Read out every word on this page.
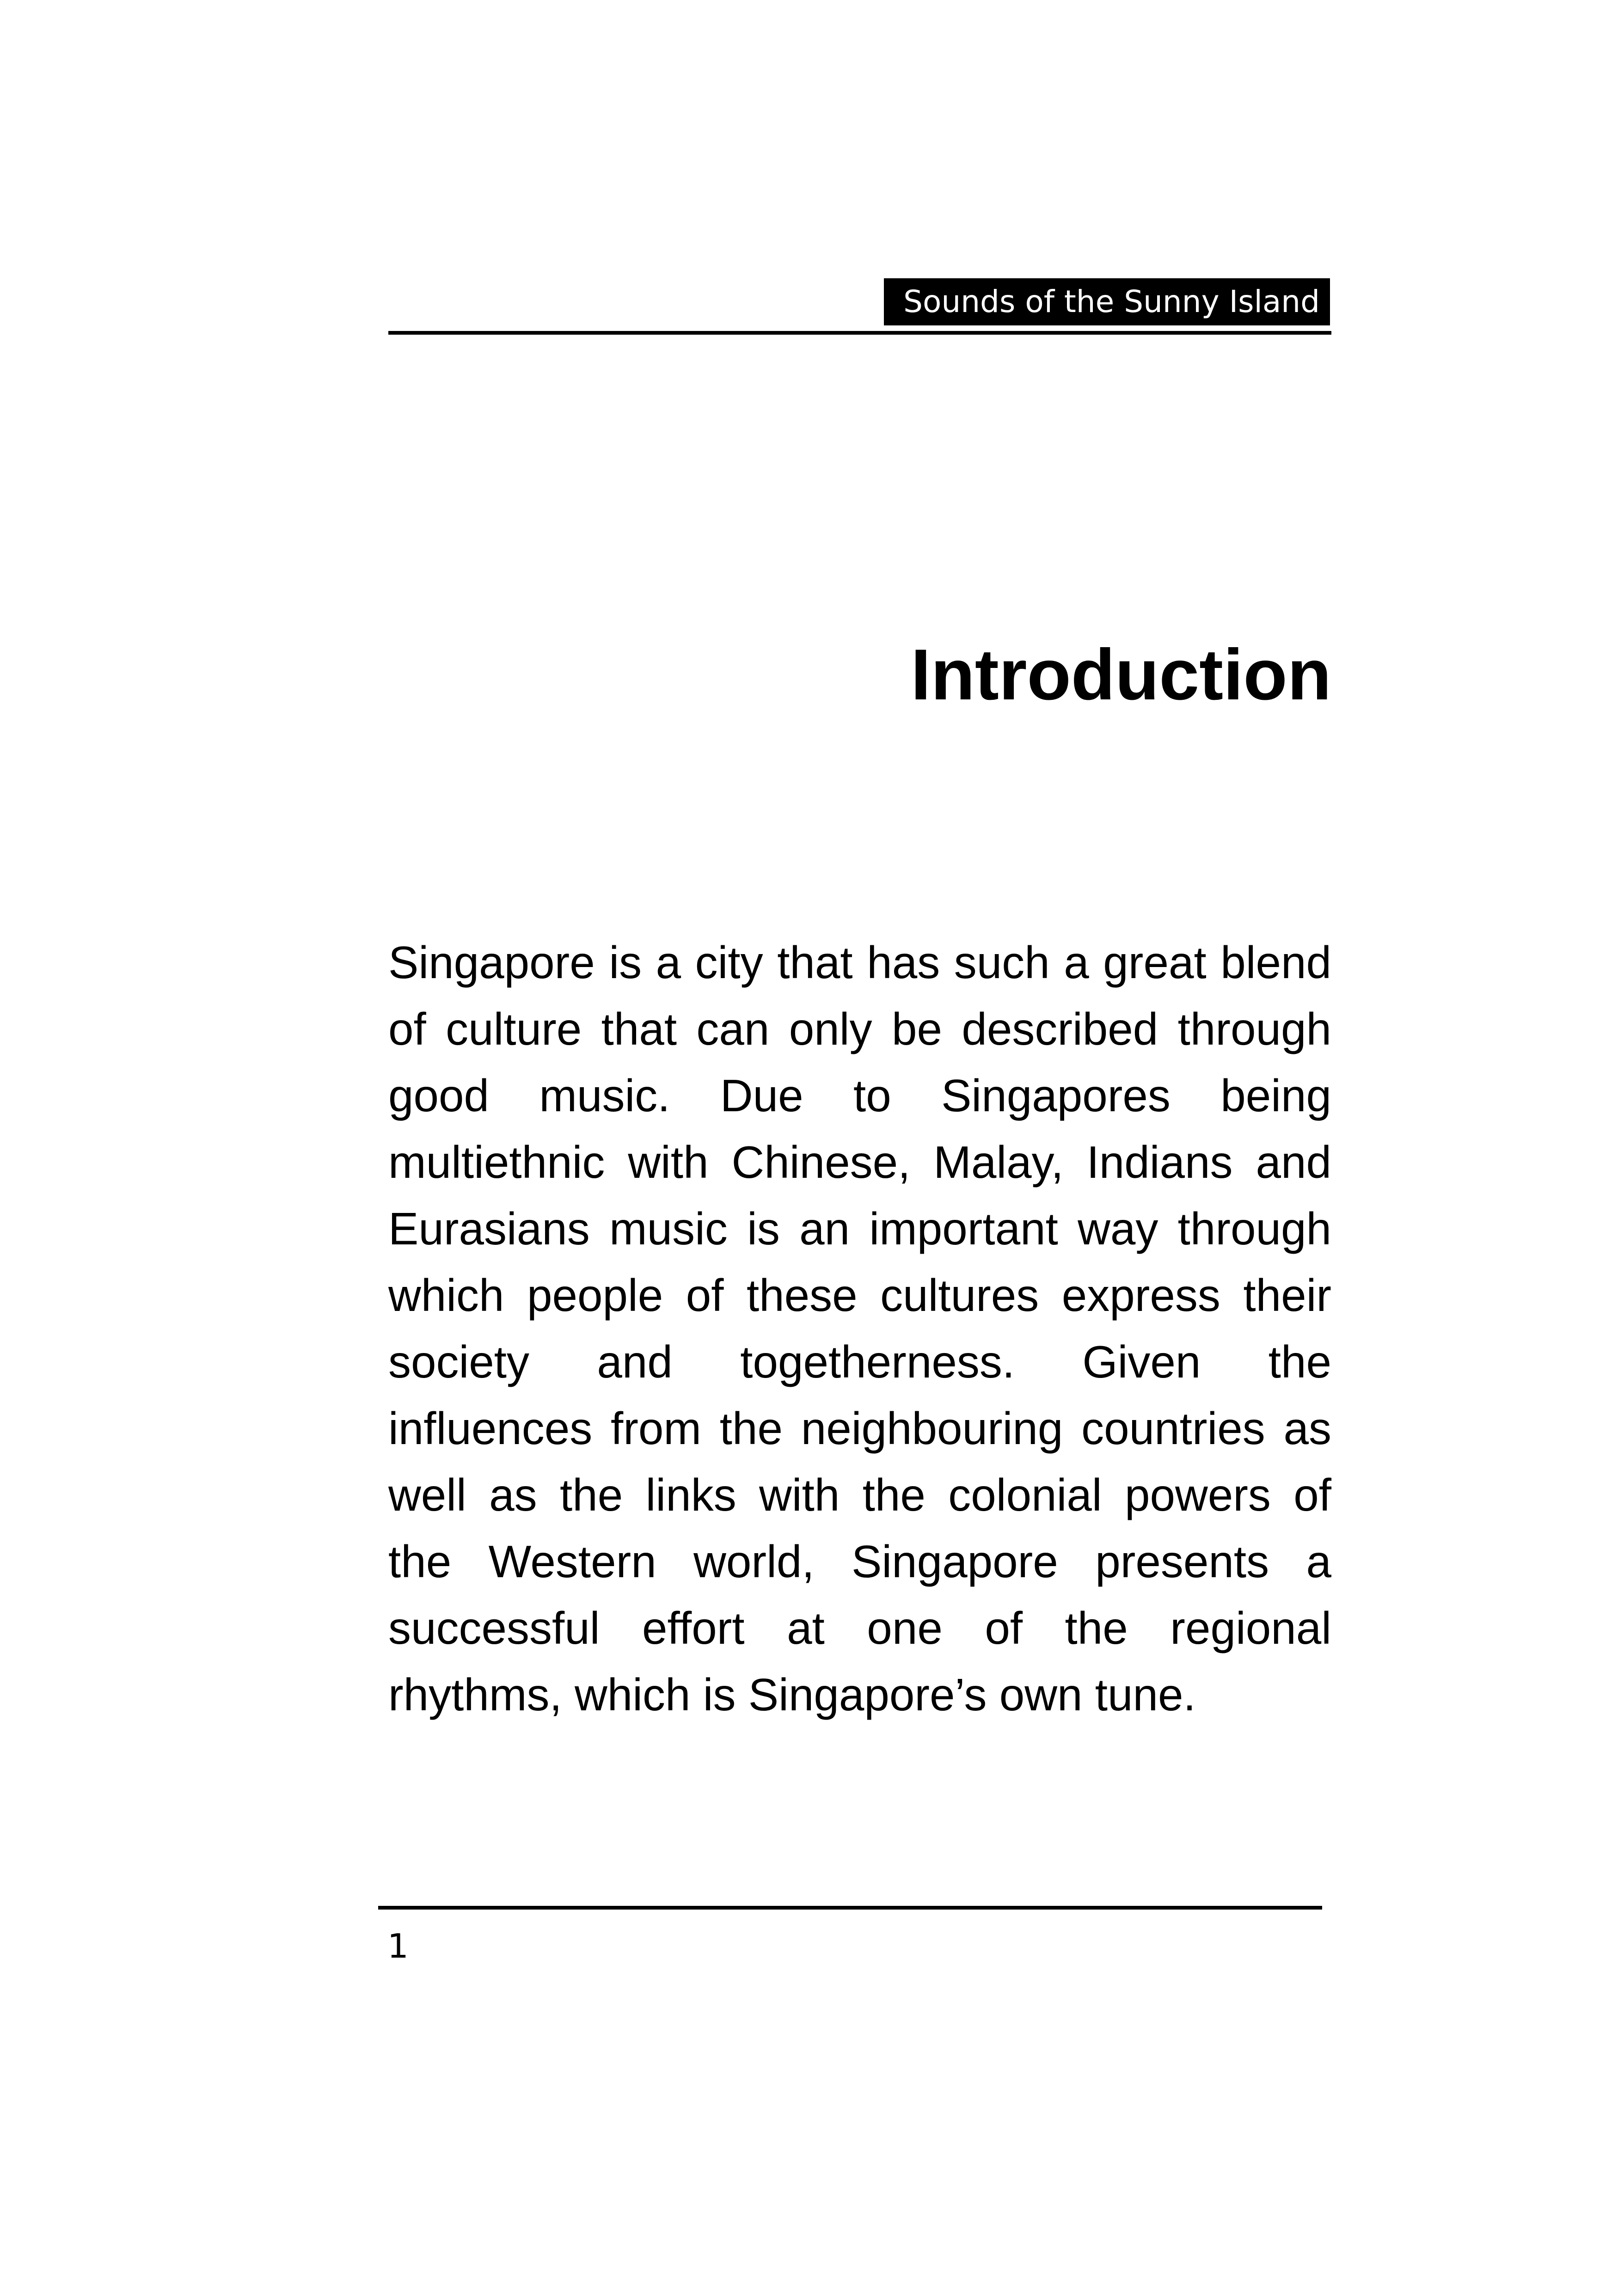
Sounds of the Sunny Island
Introduction

Singapore is a city that has such a great blend
of culture that can only be described through
good music. Due to Singapores being
multiethnic with Chinese, Malay, Indians and
Eurasians music is an important way through
which people of these cultures express their
society and togetherness. Given the
influences from the neighbouring countries as
well as the links with the colonial powers of
the Western world, Singapore presents a
successful effort at one of the regional
rhythms, which is Singapore’s own tune.

1
